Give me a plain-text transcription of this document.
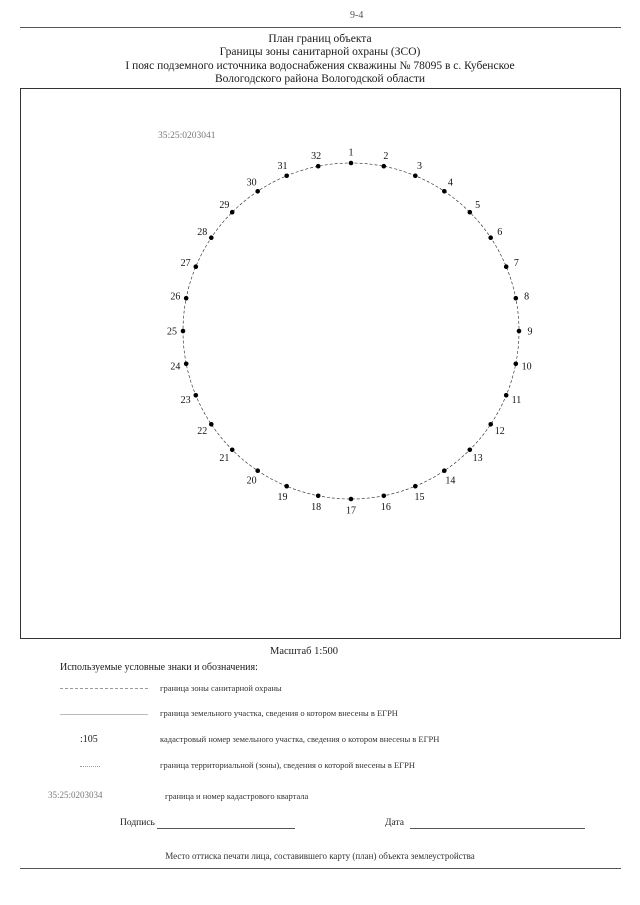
9-4
План границ объекта
Границы зоны санитарной охраны (ЗСО)
I пояс подземного источника водоснабжения скважины № 78095 в с. Кубенское
Вологодского района Вологодской области
35:25:0203041
1	2
3
4
5
6
7
8
9
10
11
12
13
14
15
16
17
18
19
20
21
22
23
24
25
26
27
28
29
30
31
32
Масштаб 1:500
Используемые условные знаки и обозначения:
граница зоны санитарной охраны
граница земельного участка, сведения о котором внесены в ЕГРН
:105	кадастровый номер земельного участка, сведения о котором внесены в ЕГРН
граница территориальной (зоны), сведения о которой внесены в ЕГРН
35:25:0203034	граница и номер кадастрового квартала
Подпись	Дата
Место оттиска печати лица, составившего карту (план) объекта землеустройства
